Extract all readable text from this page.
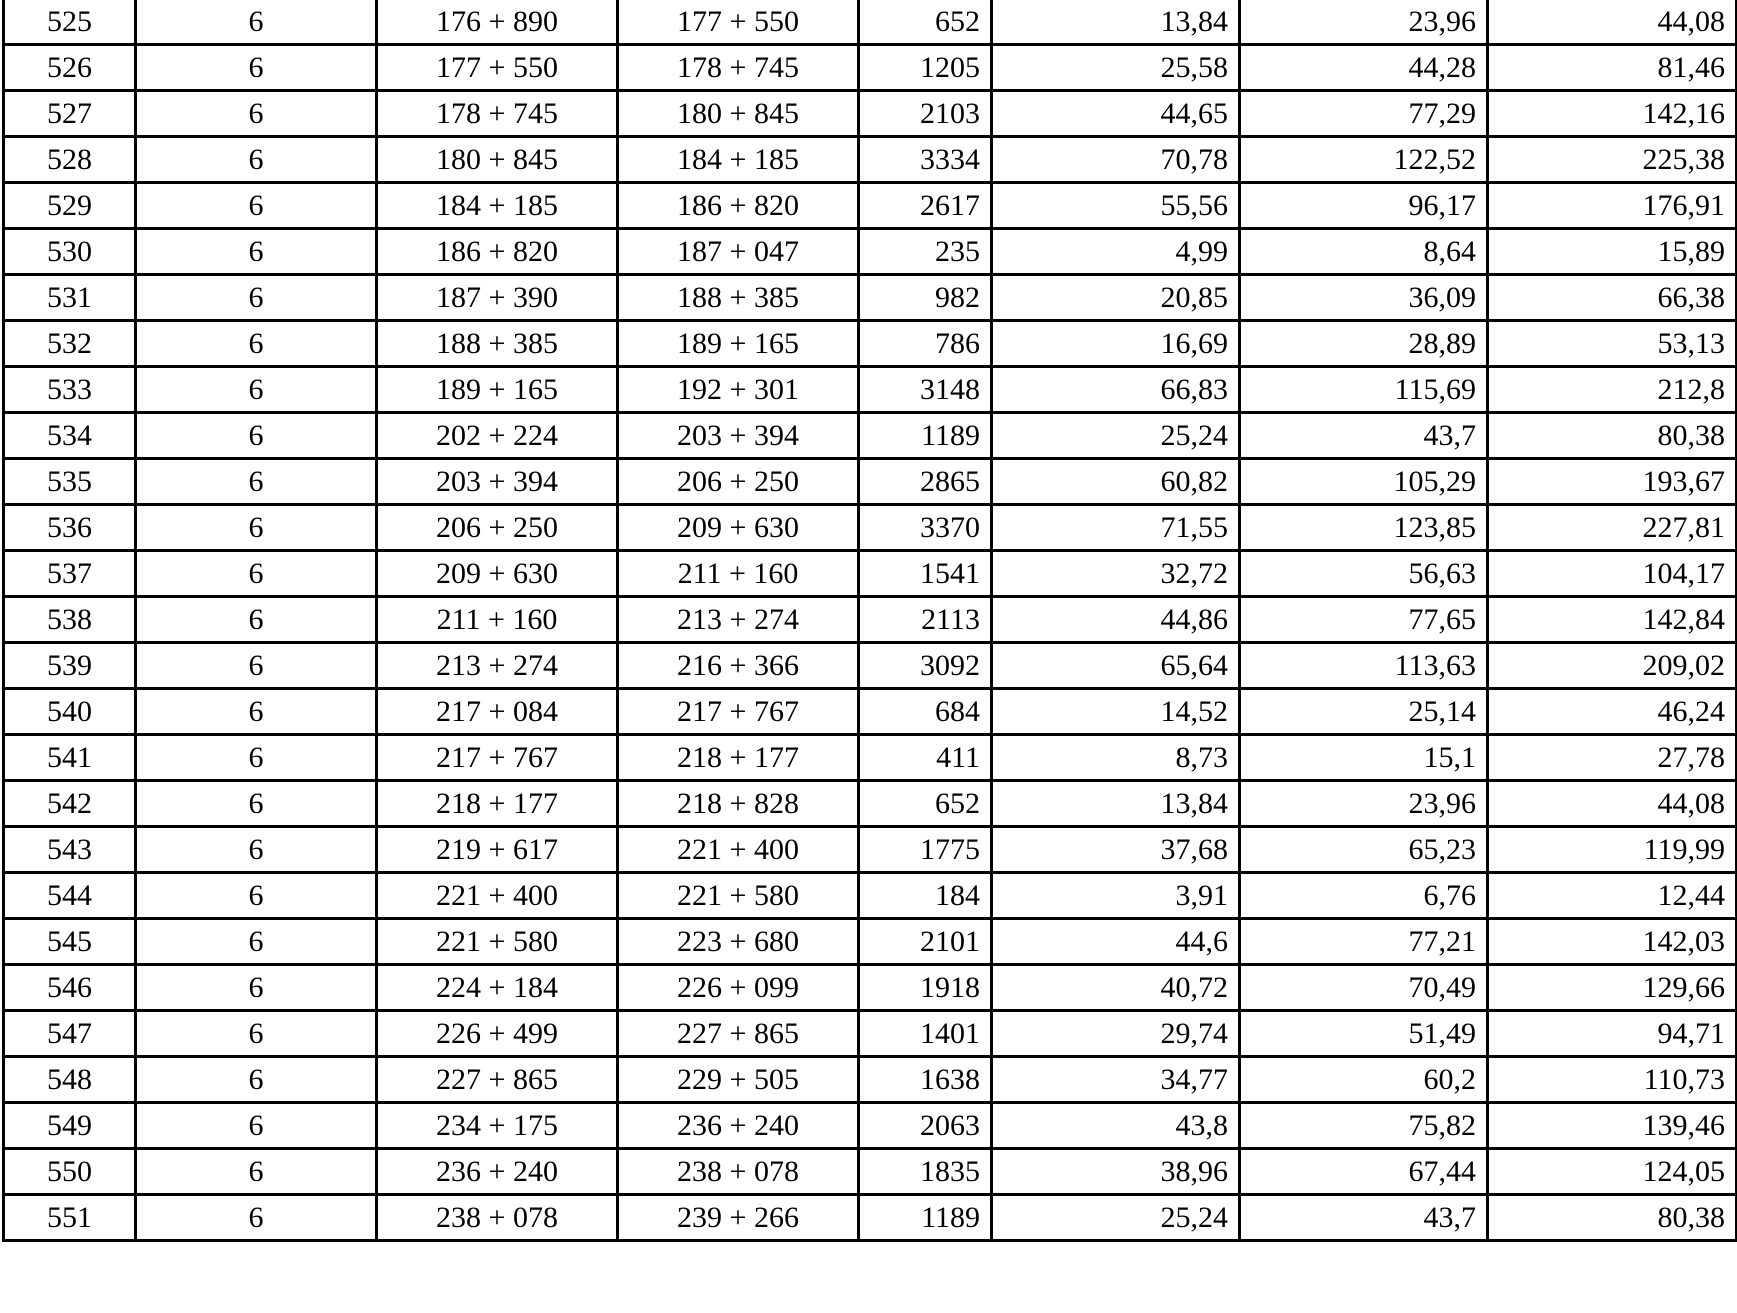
525	6	176 + 890	177 + 550	652	13,84	23,96	44,08
526	6	177 + 550	178 + 745	1205	25,58	44,28	81,46
527	6	178 + 745	180 + 845	2103	44,65	77,29	142,16
528	6	180 + 845	184 + 185	3334	70,78	122,52	225,38
529	6	184 + 185	186 + 820	2617	55,56	96,17	176,91
530	6	186 + 820	187 + 047	235	4,99	8,64	15,89
531	6	187 + 390	188 + 385	982	20,85	36,09	66,38
532	6	188 + 385	189 + 165	786	16,69	28,89	53,13
533	6	189 + 165	192 + 301	3148	66,83	115,69	212,8
534	6	202 + 224	203 + 394	1189	25,24	43,7	80,38
535	6	203 + 394	206 + 250	2865	60,82	105,29	193,67
536	6	206 + 250	209 + 630	3370	71,55	123,85	227,81
537	6	209 + 630	211 + 160	1541	32,72	56,63	104,17
538	6	211 + 160	213 + 274	2113	44,86	77,65	142,84
539	6	213 + 274	216 + 366	3092	65,64	113,63	209,02
540	6	217 + 084	217 + 767	684	14,52	25,14	46,24
541	6	217 + 767	218 + 177	411	8,73	15,1	27,78
542	6	218 + 177	218 + 828	652	13,84	23,96	44,08
543	6	219 + 617	221 + 400	1775	37,68	65,23	119,99
544	6	221 + 400	221 + 580	184	3,91	6,76	12,44
545	6	221 + 580	223 + 680	2101	44,6	77,21	142,03
546	6	224 + 184	226 + 099	1918	40,72	70,49	129,66
547	6	226 + 499	227 + 865	1401	29,74	51,49	94,71
548	6	227 + 865	229 + 505	1638	34,77	60,2	110,73
549	6	234 + 175	236 + 240	2063	43,8	75,82	139,46
550	6	236 + 240	238 + 078	1835	38,96	67,44	124,05
551	6	238 + 078	239 + 266	1189	25,24	43,7	80,38
